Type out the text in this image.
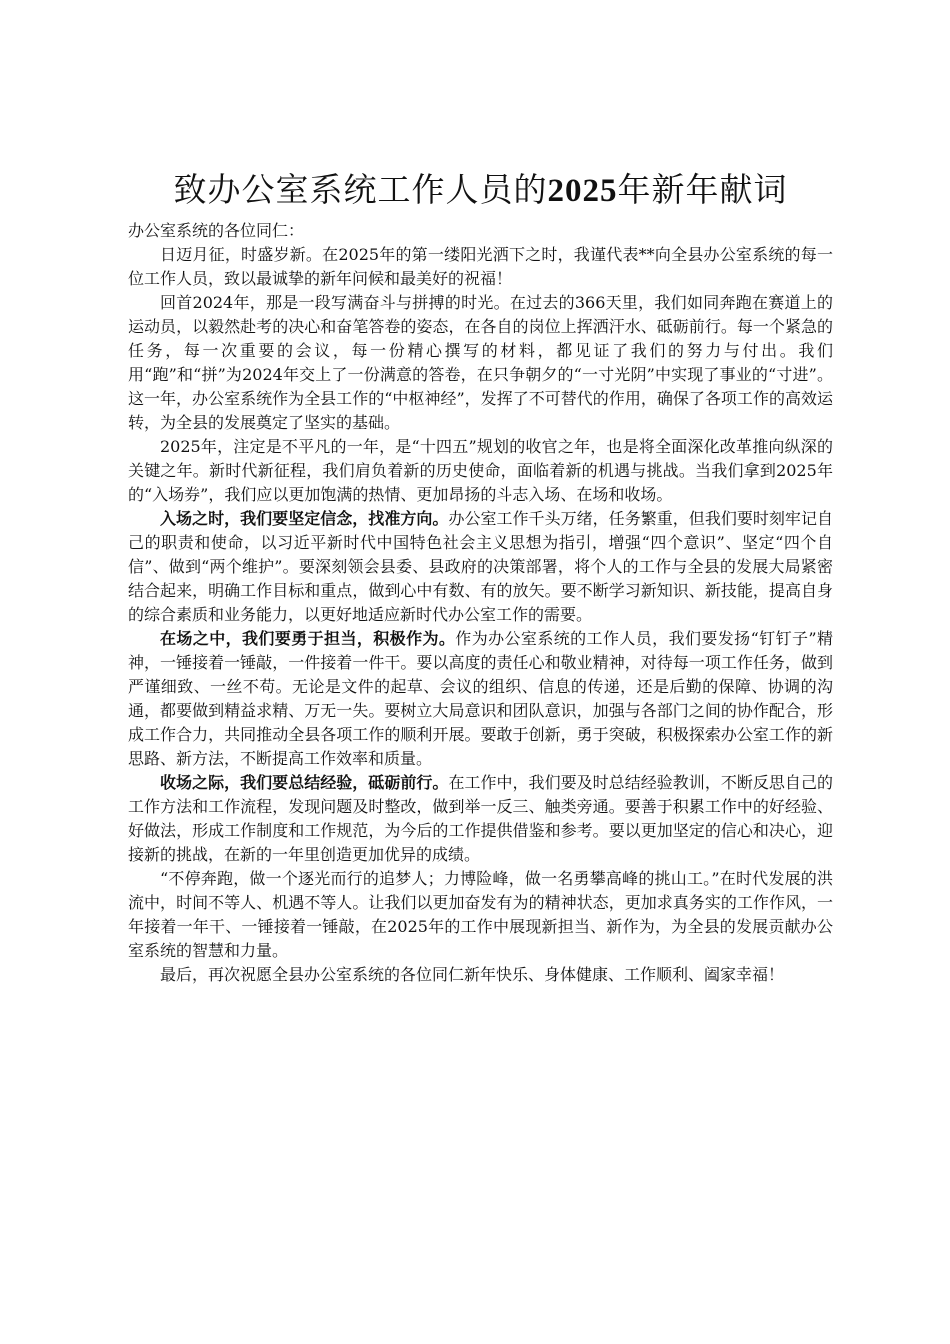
致办公室系统工作人员的2025年新年献词

办公室系统的各位同仁：

日迈月征，时盛岁新。在2025年的第一缕阳光洒下之时，我谨代表**向全县办公室系统的每一位工作人员，致以最诚挚的新年问候和最美好的祝福！

回首2024年，那是一段写满奋斗与拼搏的时光。在过去的366天里，我们如同奔跑在赛道上的运动员，以毅然赴考的决心和奋笔答卷的姿态，在各自的岗位上挥洒汗水、砥砺前行。每一个紧急的任务，每一次重要的会议，每一份精心撰写的材料，都见证了我们的努力与付出。我们用“跑”和“拼”为2024年交上了一份满意的答卷，在只争朝夕的“一寸光阴”中实现了事业的“寸进”。这一年，办公室系统作为全县工作的“中枢神经”，发挥了不可替代的作用，确保了各项工作的高效运转，为全县的发展奠定了坚实的基础。

2025年，注定是不平凡的一年，是“十四五”规划的收官之年，也是将全面深化改革推向纵深的关键之年。新时代新征程，我们肩负着新的历史使命，面临着新的机遇与挑战。当我们拿到2025年的“入场券”，我们应以更加饱满的热情、更加昂扬的斗志入场、在场和收场。

入场之时，我们要坚定信念，找准方向。办公室工作千头万绪，任务繁重，但我们要时刻牢记自己的职责和使命，以习近平新时代中国特色社会主义思想为指引，增强“四个意识”、坚定“四个自信”、做到“两个维护”。要深刻领会县委、县政府的决策部署，将个人的工作与全县的发展大局紧密结合起来，明确工作目标和重点，做到心中有数、有的放矢。要不断学习新知识、新技能，提高自身的综合素质和业务能力，以更好地适应新时代办公室工作的需要。

在场之中，我们要勇于担当，积极作为。作为办公室系统的工作人员，我们要发扬“钉钉子”精神，一锤接着一锤敲，一件接着一件干。要以高度的责任心和敬业精神，对待每一项工作任务，做到严谨细致、一丝不苟。无论是文件的起草、会议的组织、信息的传递，还是后勤的保障、协调的沟通，都要做到精益求精、万无一失。要树立大局意识和团队意识，加强与各部门之间的协作配合，形成工作合力，共同推动全县各项工作的顺利开展。要敢于创新，勇于突破，积极探索办公室工作的新思路、新方法，不断提高工作效率和质量。

收场之际，我们要总结经验，砥砺前行。在工作中，我们要及时总结经验教训，不断反思自己的工作方法和工作流程，发现问题及时整改，做到举一反三、触类旁通。要善于积累工作中的好经验、好做法，形成工作制度和工作规范，为今后的工作提供借鉴和参考。要以更加坚定的信心和决心，迎接新的挑战，在新的一年里创造更加优异的成绩。

“不停奔跑，做一个逐光而行的追梦人；力博险峰，做一名勇攀高峰的挑山工。”在时代发展的洪流中，时间不等人、机遇不等人。让我们以更加奋发有为的精神状态，更加求真务实的工作作风，一年接着一年干、一锤接着一锤敲，在2025年的工作中展现新担当、新作为，为全县的发展贡献办公室系统的智慧和力量。

最后，再次祝愿全县办公室系统的各位同仁新年快乐、身体健康、工作顺利、阖家幸福！
